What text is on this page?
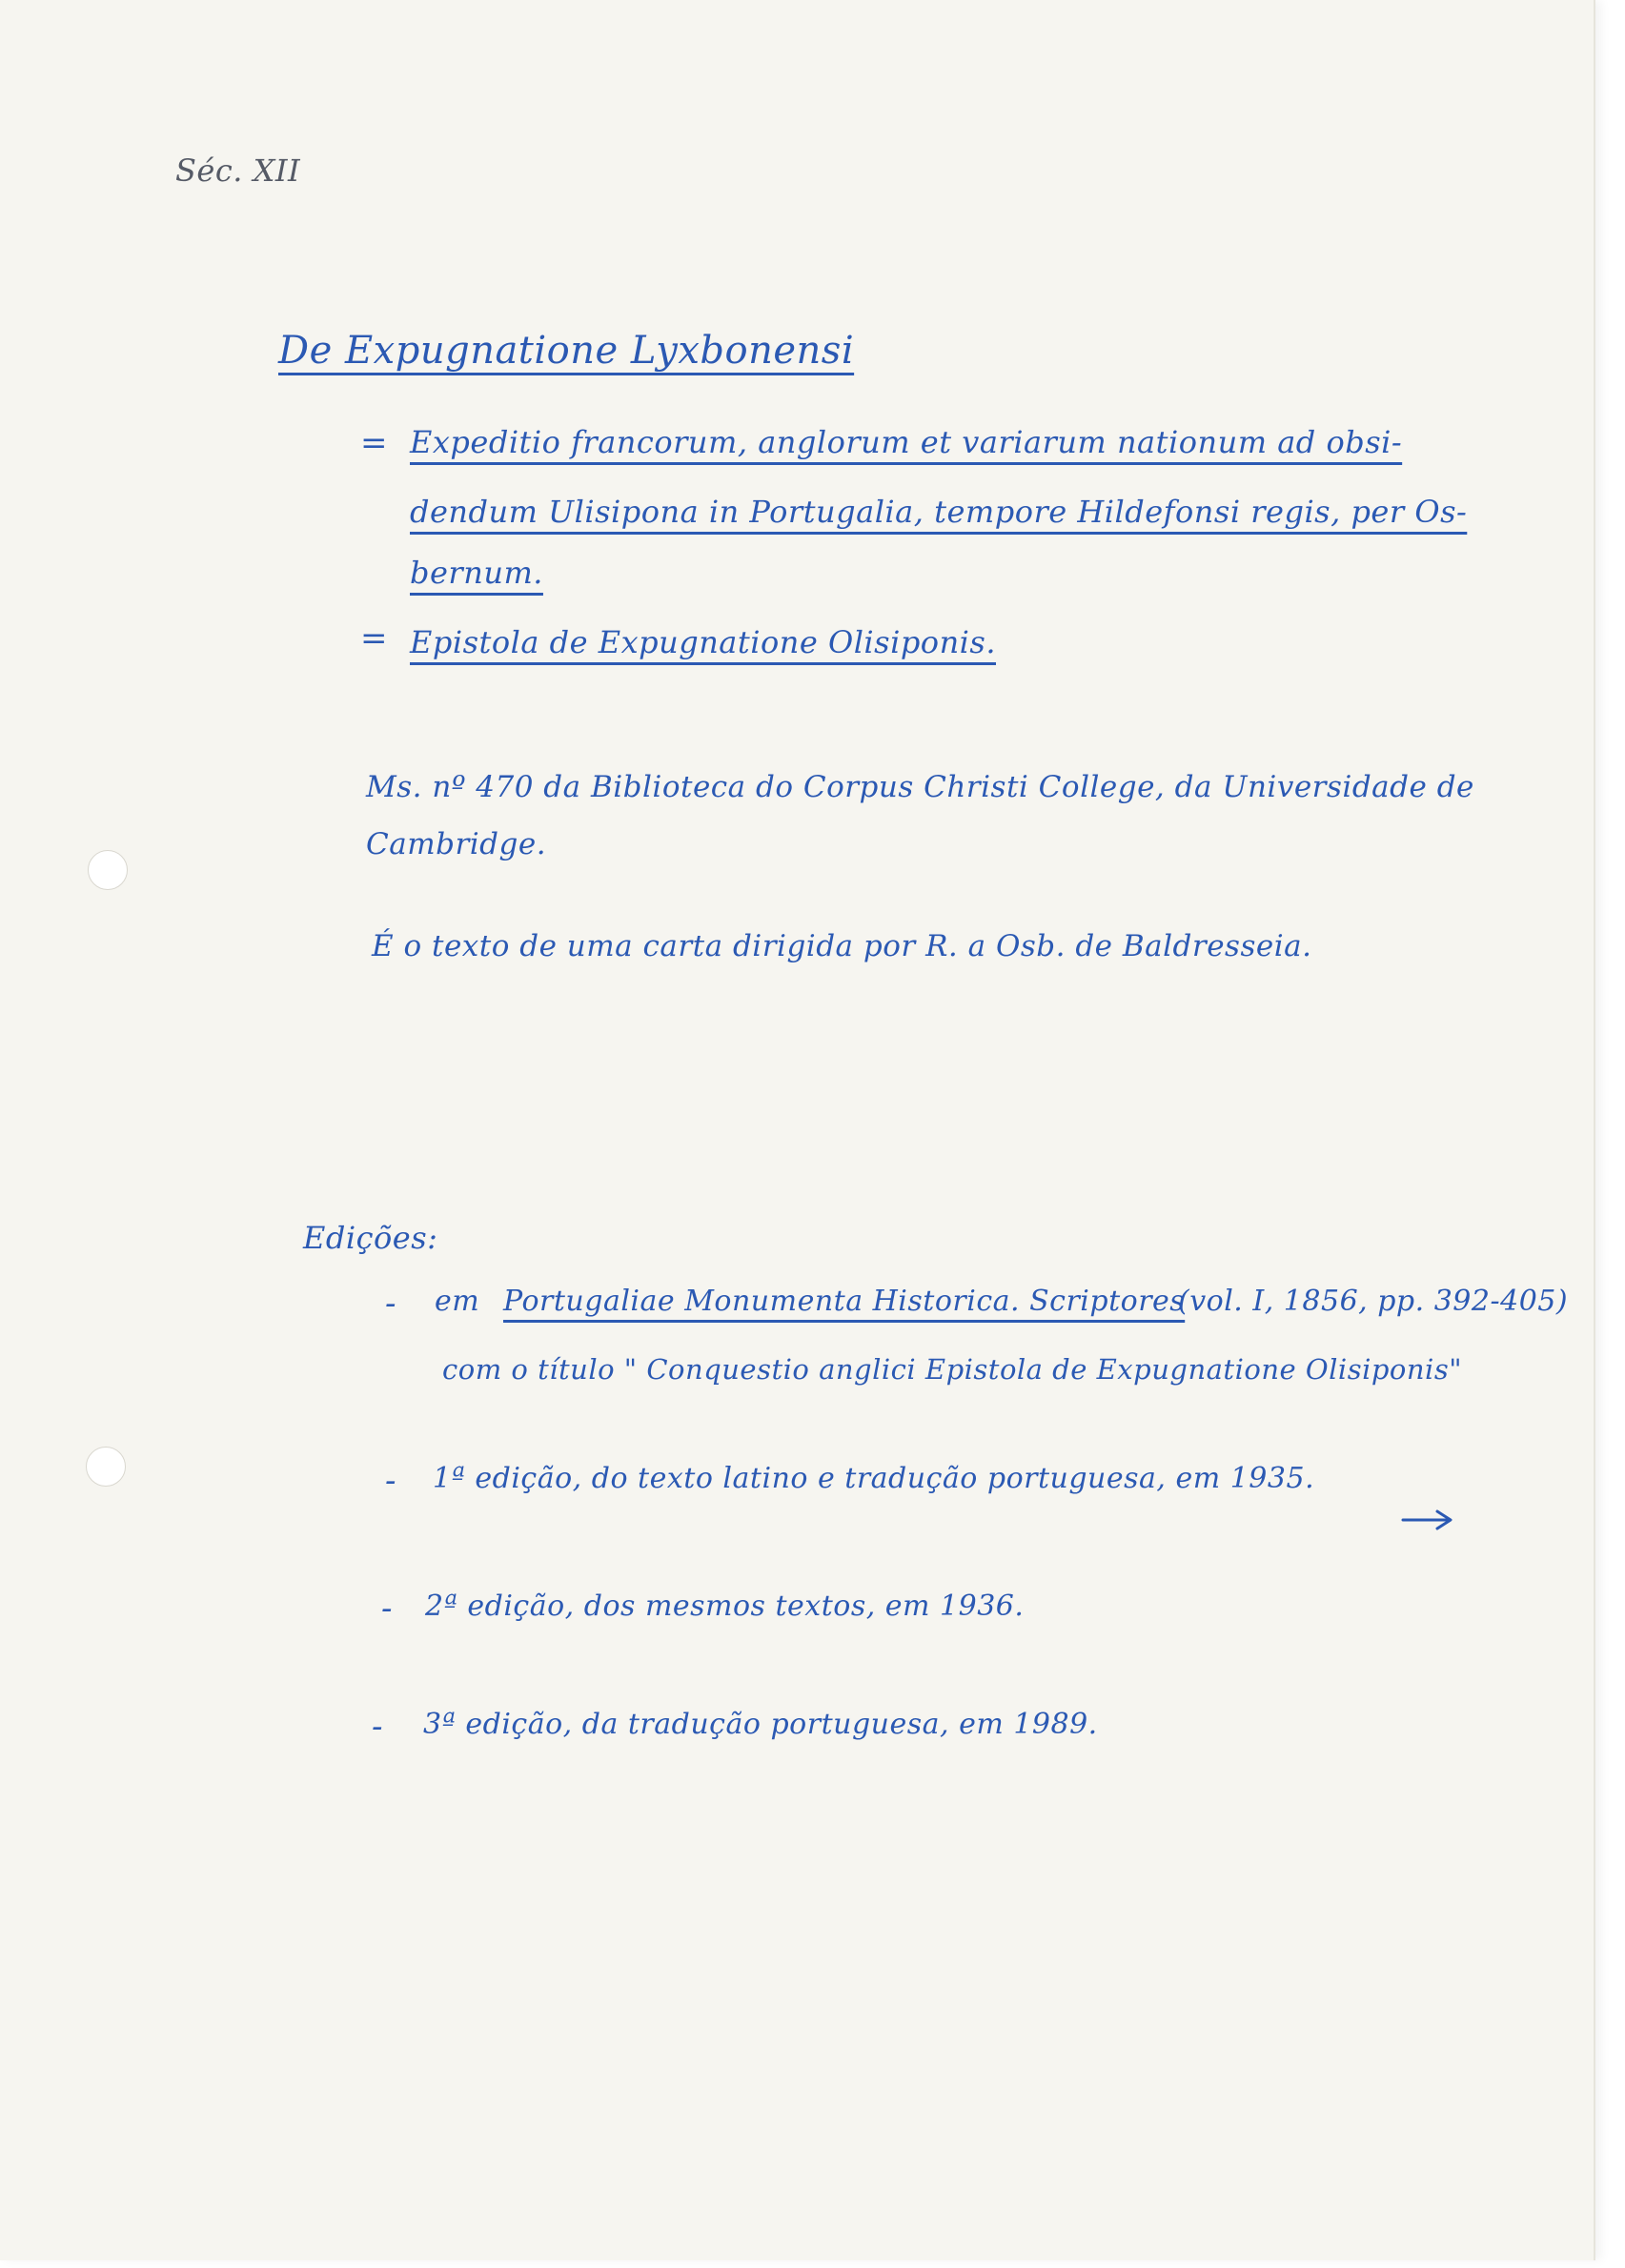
Séc. XII
De Expugnatione Lyxbonensi
= Expeditio francorum, anglorum et variarum nationum ad obsi-
dendum Ulisipona in Portugalia, tempore Hildefonsi regis, per Os-
bernum.
= Epistola de Expugnatione Olisiponis.
Ms. nº 470 da Biblioteca do Corpus Christi College, da Universidade de
Cambridge.
É o texto de uma carta dirigida por R. a Osb. de Baldresseia.
Edições:
- em Portugaliae Monumenta Historica. Scriptores
(vol. I, 1856, pp. 392-405)
com o título " Conquestio anglici Epistola de Expugnatione Olisiponis"
- 1ª edição, do texto latino e tradução portuguesa, em 1935.
- 2ª edição, dos mesmos textos, em 1936.
- 3ª edição, da tradução portuguesa, em 1989.
